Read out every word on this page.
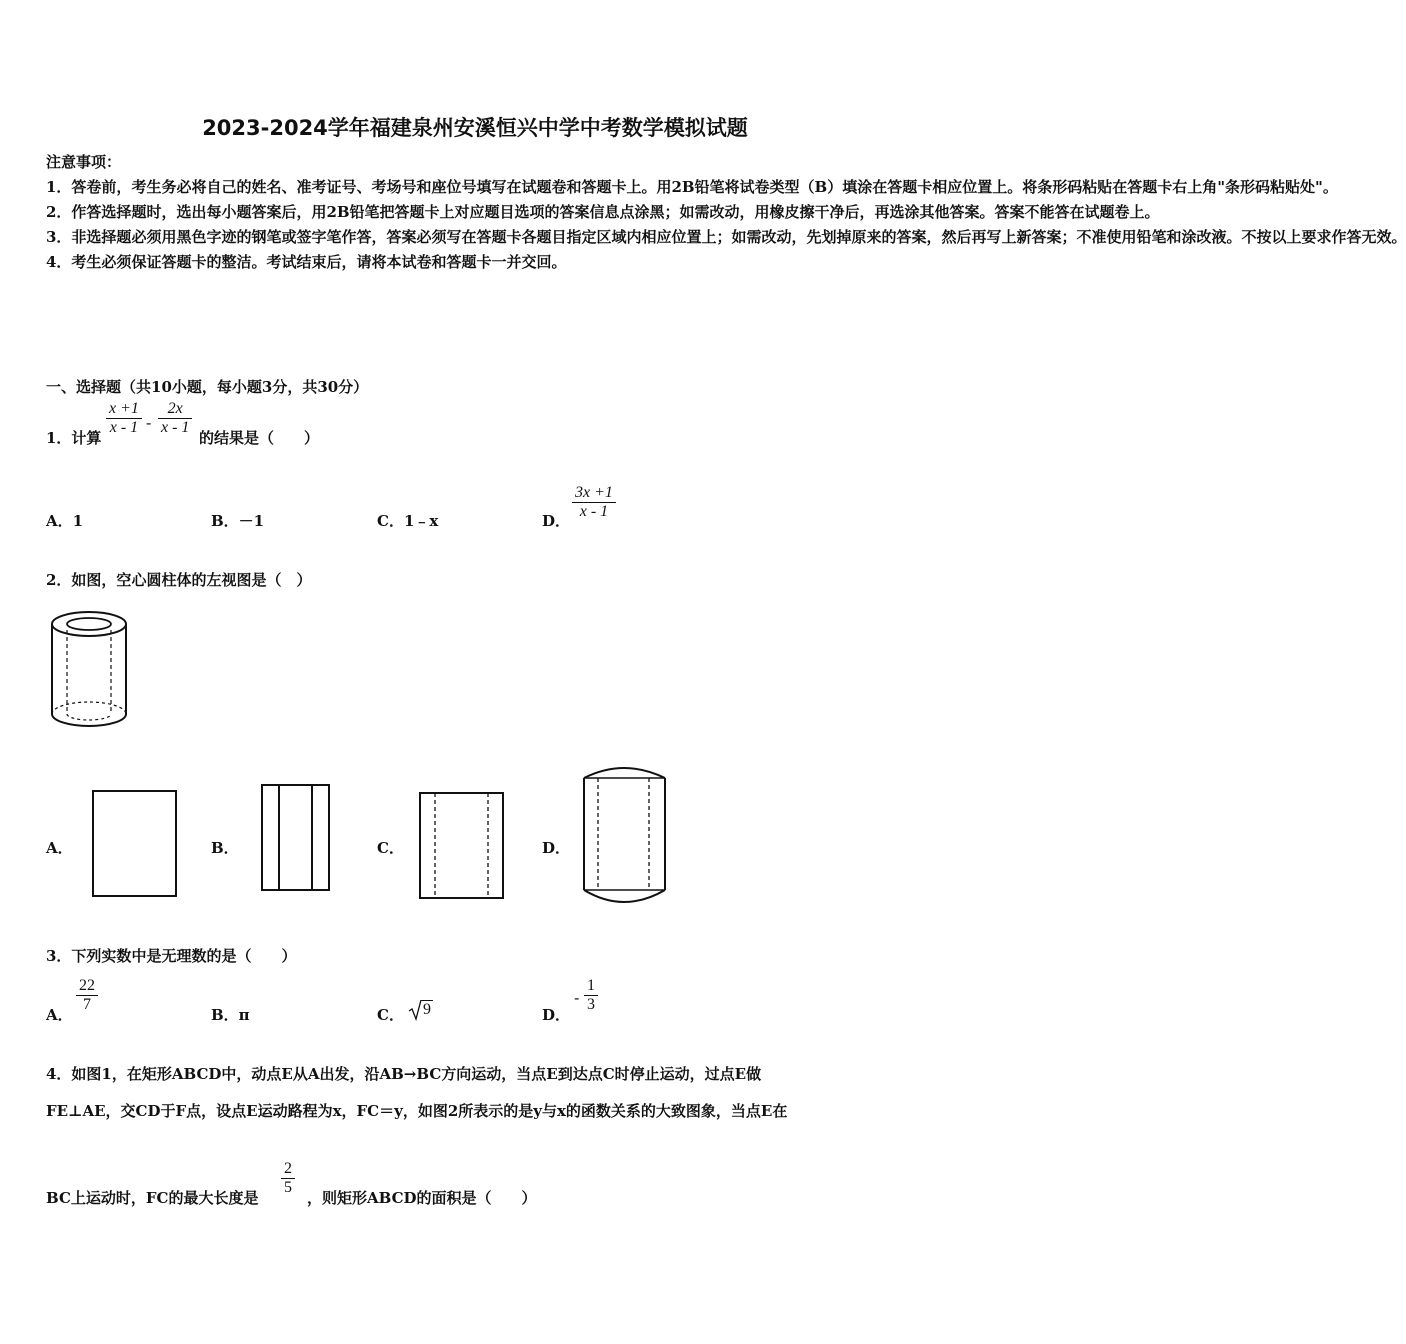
2023-2024学年福建泉州安溪恒兴中学中考数学模拟试题

注意事项：

1．答卷前，考生务必将自己的姓名、准考证号、考场号和座位号填写在试题卷和答题卡上。用2B铅笔将试卷类型（B）填涂在答题卡相应位置上。将条形码粘贴在答题卡右上角"条形码粘贴处"。

2．作答选择题时，选出每小题答案后，用2B铅笔把答题卡上对应题目选项的答案信息点涂黑；如需改动，用橡皮擦干净后，再选涂其他答案。答案不能答在试题卷上。

3．非选择题必须用黑色字迹的钢笔或签字笔作答，答案必须写在答题卡各题目指定区域内相应位置上；如需改动，先划掉原来的答案，然后再写上新答案；不准使用铅笔和涂改液。不按以上要求作答无效。

4．考生必须保证答题卡的整洁。考试结束后，请将本试卷和答题卡一并交回。

一、选择题（共10小题，每小题3分，共30分）
1．计算
$\frac{x +1}{x - 1} - \frac{2x}{x - 1}$
的结果是（　　）
A．1	B．－1	C．1﹣x	D． $\frac{3x +1}{x - 1}$
2．如图，空心圆柱体的左视图是（　）
A．	B．	C．	D．
3．下列实数中是无理数的是（　　）
A．
$\frac{22}{7}$
B．π	C． 9	D．
- $\frac{1}{3}$
4．如图1，在矩形ABCD中，动点E从A出发，沿AB→BC方向运动，当点E到达点C时停止运动，过点E做
FE⊥AE，交CD于F点，设点E运动路程为x，FC＝y，如图2所表示的是y与x的函数关系的大致图象，当点E在
BC上运动时，FC的最大长度是
$\frac{2}{5}$
，则矩形ABCD的面积是（　　）
